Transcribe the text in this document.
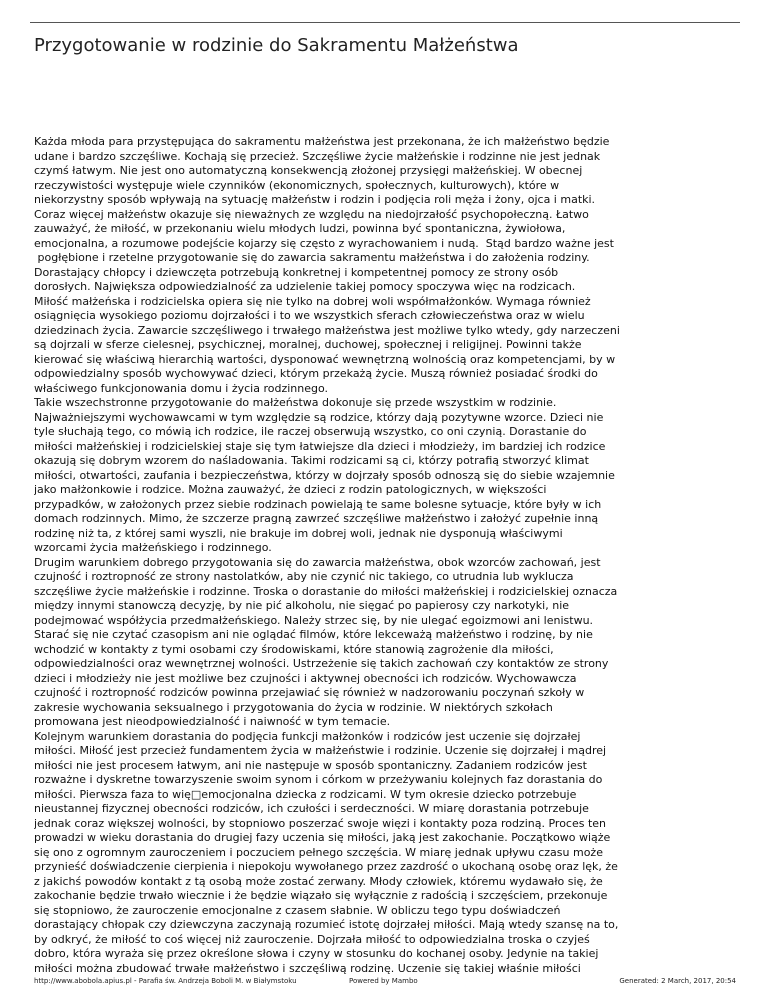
Przygotowanie w rodzinie do Sakramentu Małżeństwa
Każda młoda para przystępująca do sakramentu małżeństwa jest przekonana, że ich małżeństwo będzie
udane i bardzo szczęśliwe. Kochają się przecież. Szczęśliwe życie małżeńskie i rodzinne nie jest jednak
czymś łatwym. Nie jest ono automatyczną konsekwencją złożonej przysięgi małżeńskiej. W obecnej
rzeczywistości występuje wiele czynników (ekonomicznych, społecznych, kulturowych), które w
niekorzystny sposób wpływają na sytuację małżeństw i rodzin i podjęcia roli męża i żony, ojca i matki.
Coraz więcej małżeństw okazuje się nieważnych ze względu na niedojrzałość psychopołeczną. Łatwo
zauważyć, że miłość, w przekonaniu wielu młodych ludzi, powinna być spontaniczna, żywiołowa,
emocjonalna, a rozumowe podejście kojarzy się często z wyrachowaniem i nudą.  Stąd bardzo ważne jest
pogłębione i rzetelne przygotowanie się do zawarcia sakramentu małżeństwa i do założenia rodziny.
Dorastający chłopcy i dziewczęta potrzebują konkretnej i kompetentnej pomocy ze strony osób
dorosłych. Największa odpowiedzialność za udzielenie takiej pomocy spoczywa więc na rodzicach.
Miłość małżeńska i rodzicielska opiera się nie tylko na dobrej woli współmałżonków. Wymaga również
osiągnięcia wysokiego poziomu dojrzałości i to we wszystkich sferach człowieczeństwa oraz w wielu
dziedzinach życia. Zawarcie szczęśliwego i trwałego małżeństwa jest możliwe tylko wtedy, gdy narzeczeni
są dojrzali w sferze cielesnej, psychicznej, moralnej, duchowej, społecznej i religijnej. Powinni także
kierować się właściwą hierarchią wartości, dysponować wewnętrzną wolnością oraz kompetencjami, by w
odpowiedzialny sposób wychowywać dzieci, którym przekażą życie. Muszą również posiadać środki do
właściwego funkcjonowania domu i życia rodzinnego.
Takie wszechstronne przygotowanie do małżeństwa dokonuje się przede wszystkim w rodzinie.
Najważniejszymi wychowawcami w tym względzie są rodzice, którzy dają pozytywne wzorce. Dzieci nie
tyle słuchają tego, co mówią ich rodzice, ile raczej obserwują wszystko, co oni czynią. Dorastanie do
miłości małżeńskiej i rodzicielskiej staje się tym łatwiejsze dla dzieci i młodzieży, im bardziej ich rodzice
okazują się dobrym wzorem do naśladowania. Takimi rodzicami są ci, którzy potrafią stworzyć klimat
miłości, otwartości, zaufania i bezpieczeństwa, którzy w dojrzały sposób odnoszą się do siebie wzajemnie
jako małżonkowie i rodzice. Można zauważyć, że dzieci z rodzin patologicznych, w większości
przypadków, w założonych przez siebie rodzinach powielają te same bolesne sytuacje, które były w ich
domach rodzinnych. Mimo, że szczerze pragną zawrzeć szczęśliwe małżeństwo i założyć zupełnie inną
rodzinę niż ta, z której sami wyszli, nie brakuje im dobrej woli, jednak nie dysponują właściwymi
wzorcami życia małżeńskiego i rodzinnego.
Drugim warunkiem dobrego przygotowania się do zawarcia małżeństwa, obok wzorców zachowań, jest
czujność i roztropność ze strony nastolatków, aby nie czynić nic takiego, co utrudnia lub wyklucza
szczęśliwe życie małżeńskie i rodzinne. Troska o dorastanie do miłości małżeńskiej i rodzicielskiej oznacza
między innymi stanowczą decyzję, by nie pić alkoholu, nie sięgać po papierosy czy narkotyki, nie
podejmować współżycia przedmałżeńskiego. Należy strzec się, by nie ulegać egoizmowi ani lenistwu.
Starać się nie czytać czasopism ani nie oglądać filmów, które lekceważą małżeństwo i rodzinę, by nie
wchodzić w kontakty z tymi osobami czy środowiskami, które stanowią zagrożenie dla miłości,
odpowiedzialności oraz wewnętrznej wolności. Ustrzeżenie się takich zachowań czy kontaktów ze strony
dzieci i młodzieży nie jest możliwe bez czujności i aktywnej obecności ich rodziców. Wychowawcza
czujność i roztropność rodziców powinna przejawiać się również w nadzorowaniu poczynań szkoły w
zakresie wychowania seksualnego i przygotowania do życia w rodzinie. W niektórych szkołach
promowana jest nieodpowiedzialność i naiwność w tym temacie.
Kolejnym warunkiem dorastania do podjęcia funkcji małżonków i rodziców jest uczenie się dojrzałej
miłości. Miłość jest przecież fundamentem życia w małżeństwie i rodzinie. Uczenie się dojrzałej i mądrej
miłości nie jest procesem łatwym, ani nie następuje w sposób spontaniczny. Zadaniem rodziców jest
rozważne i dyskretne towarzyszenie swoim synom i córkom w przeżywaniu kolejnych faz dorastania do
miłości. Pierwsza faza to wię□emocjonalna dziecka z rodzicami. W tym okresie dziecko potrzebuje
nieustannej fizycznej obecności rodziców, ich czułości i serdeczności. W miarę dorastania potrzebuje
jednak coraz większej wolności, by stopniowo poszerzać swoje więzi i kontakty poza rodziną. Proces ten
prowadzi w wieku dorastania do drugiej fazy uczenia się miłości, jaką jest zakochanie. Początkowo wiąże
się ono z ogromnym zauroczeniem i poczuciem pełnego szczęścia. W miarę jednak upływu czasu może
przynieść doświadczenie cierpienia i niepokoju wywołanego przez zazdrość o ukochaną osobę oraz lęk, że
z jakichś powodów kontakt z tą osobą może zostać zerwany. Młody człowiek, któremu wydawało się, że
zakochanie będzie trwało wiecznie i że będzie wiązało się wyłącznie z radością i szczęściem, przekonuje
się stopniowo, że zauroczenie emocjonalne z czasem słabnie. W obliczu tego typu doświadczeń
dorastający chłopak czy dziewczyna zaczynają rozumieć istotę dojrzałej miłości. Mają wtedy szansę na to,
by odkryć, że miłość to coś więcej niż zauroczenie. Dojrzała miłość to odpowiedzialna troska o czyjeś
dobro, która wyraża się przez określone słowa i czyny w stosunku do kochanej osoby. Jedynie na takiej
miłości można zbudować trwałe małżeństwo i szczęśliwą rodzinę. Uczenie się takiej właśnie miłości
http://www.abobola.apius.pl - Parafia św. Andrzeja Boboli M. w Białymstoku	Powered by Mambo	Generated: 2 March, 2017, 20:54
